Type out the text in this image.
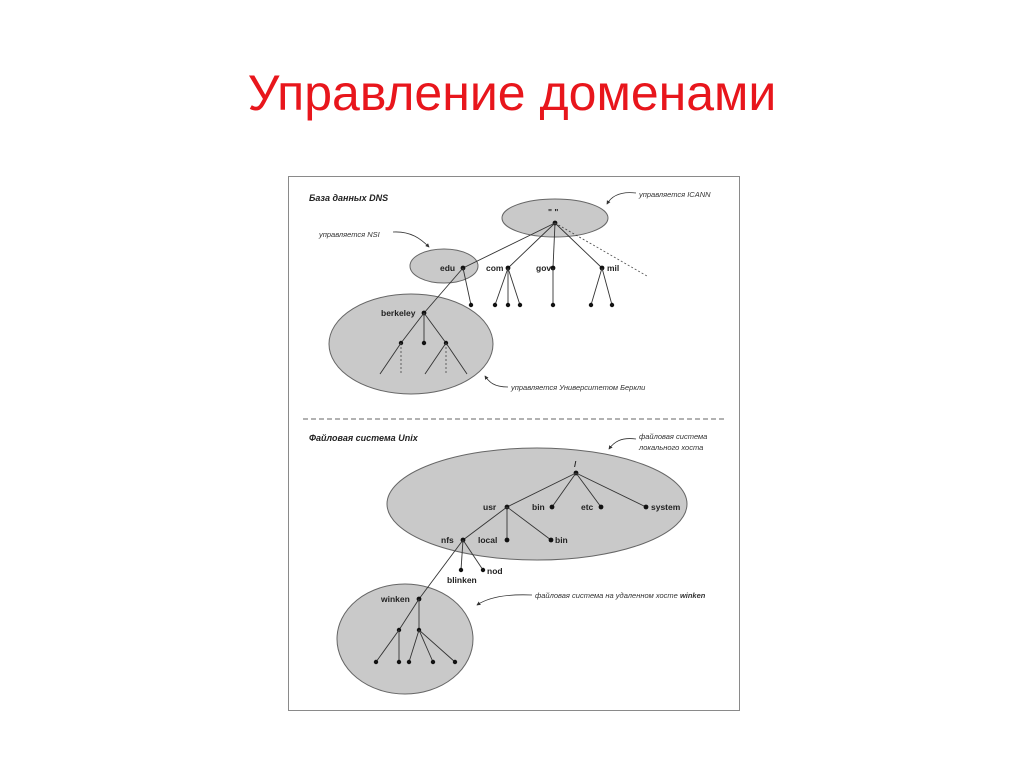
Управление доменами
База данных DNS
" "
управляется ICANN
управляется NSI
edu	com	gov	mil
berkeley
управляется Университетом Беркли
Файловая система Unix	файловая система
локального хоста
/
usr	bin	etc	system
nfs	local	bin
blinken
nod
winken	файловая система на удаленном хосте winken
